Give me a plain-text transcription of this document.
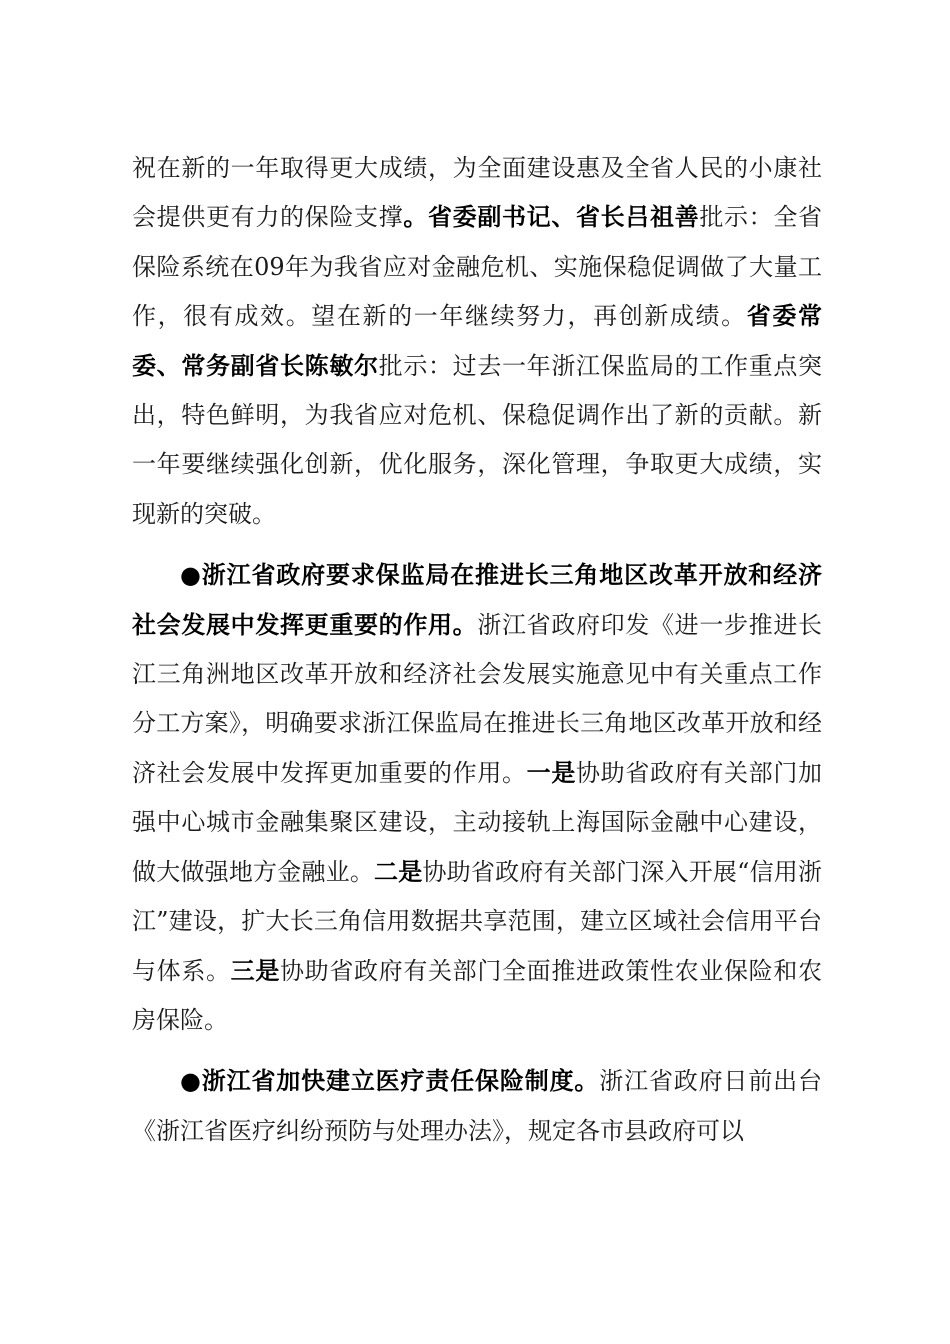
祝在新的一年取得更大成绩，为全面建设惠及全省人民的小康社会提供更有力的保险支撑。省委副书记、省长吕祖善批示：全省保险系统在09年为我省应对金融危机、实施保稳促调做了大量工作，很有成效。望在新的一年继续努力，再创新成绩。省委常委、常务副省长陈敏尔批示：过去一年浙江保监局的工作重点突出，特色鲜明，为我省应对危机、保稳促调作出了新的贡献。新一年要继续强化创新，优化服务，深化管理，争取更大成绩，实现新的突破。

●浙江省政府要求保监局在推进长三角地区改革开放和经济社会发展中发挥更重要的作用。浙江省政府印发《进一步推进长江三角洲地区改革开放和经济社会发展实施意见中有关重点工作分工方案》，明确要求浙江保监局在推进长三角地区改革开放和经济社会发展中发挥更加重要的作用。一是协助省政府有关部门加强中心城市金融集聚区建设，主动接轨上海国际金融中心建设，做大做强地方金融业。二是协助省政府有关部门深入开展“信用浙江”建设，扩大长三角信用数据共享范围，建立区域社会信用平台与体系。三是协助省政府有关部门全面推进政策性农业保险和农房保险。

●浙江省加快建立医疗责任保险制度。浙江省政府日前出台《浙江省医疗纠纷预防与处理办法》，规定各市县政府可以
